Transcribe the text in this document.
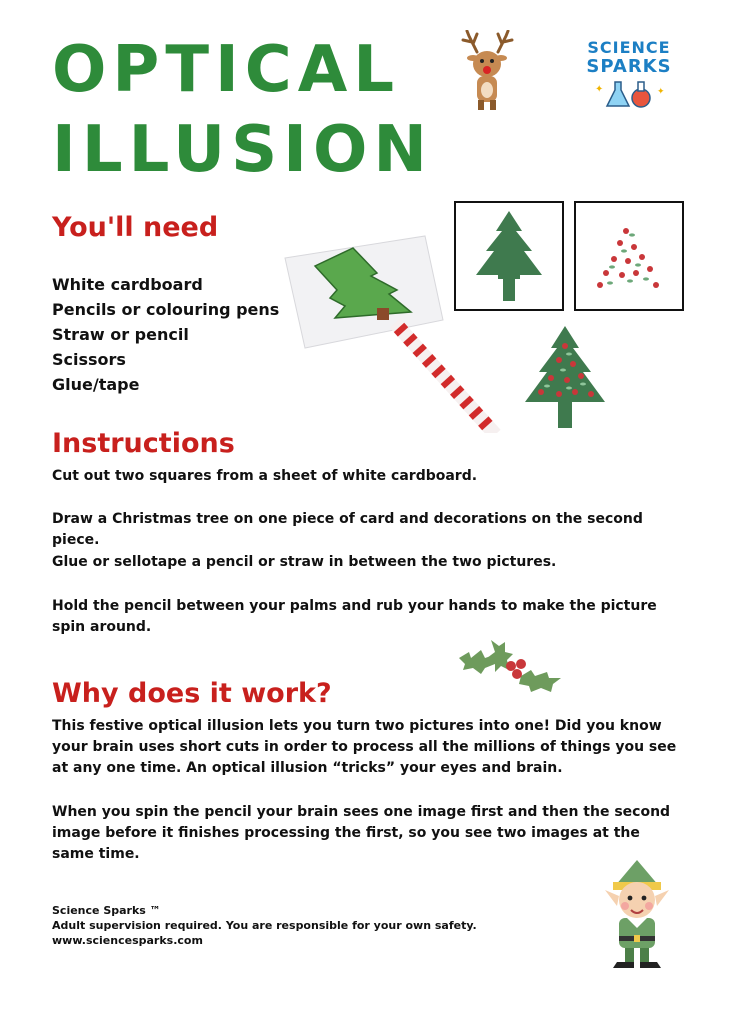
OPTICAL
ILLUSION
SCIENCE
SPARKS
✦	✦
You'll need
White cardboard
Pencils or colouring pens
Straw or pencil
Scissors
Glue/tape
Instructions
Cut out two squares from a sheet of white cardboard.
Draw a Christmas tree on one piece of card and decorations on the second piece.
Glue or sellotape a pencil or straw in between the two pictures.
Hold the pencil between your palms and rub your hands to make the picture spin around.
Why does it work?
This festive optical illusion lets you turn two pictures into one! Did you know your brain uses short cuts in order to process all the millions of things you see at any one time. An optical illusion “tricks” your eyes and brain.
When you spin the pencil your brain sees one image first and then the second image before it finishes processing the first, so you see two images at the same time.
Science Sparks ™
Adult supervision required. You are responsible for your own safety.
www.sciencesparks.com
